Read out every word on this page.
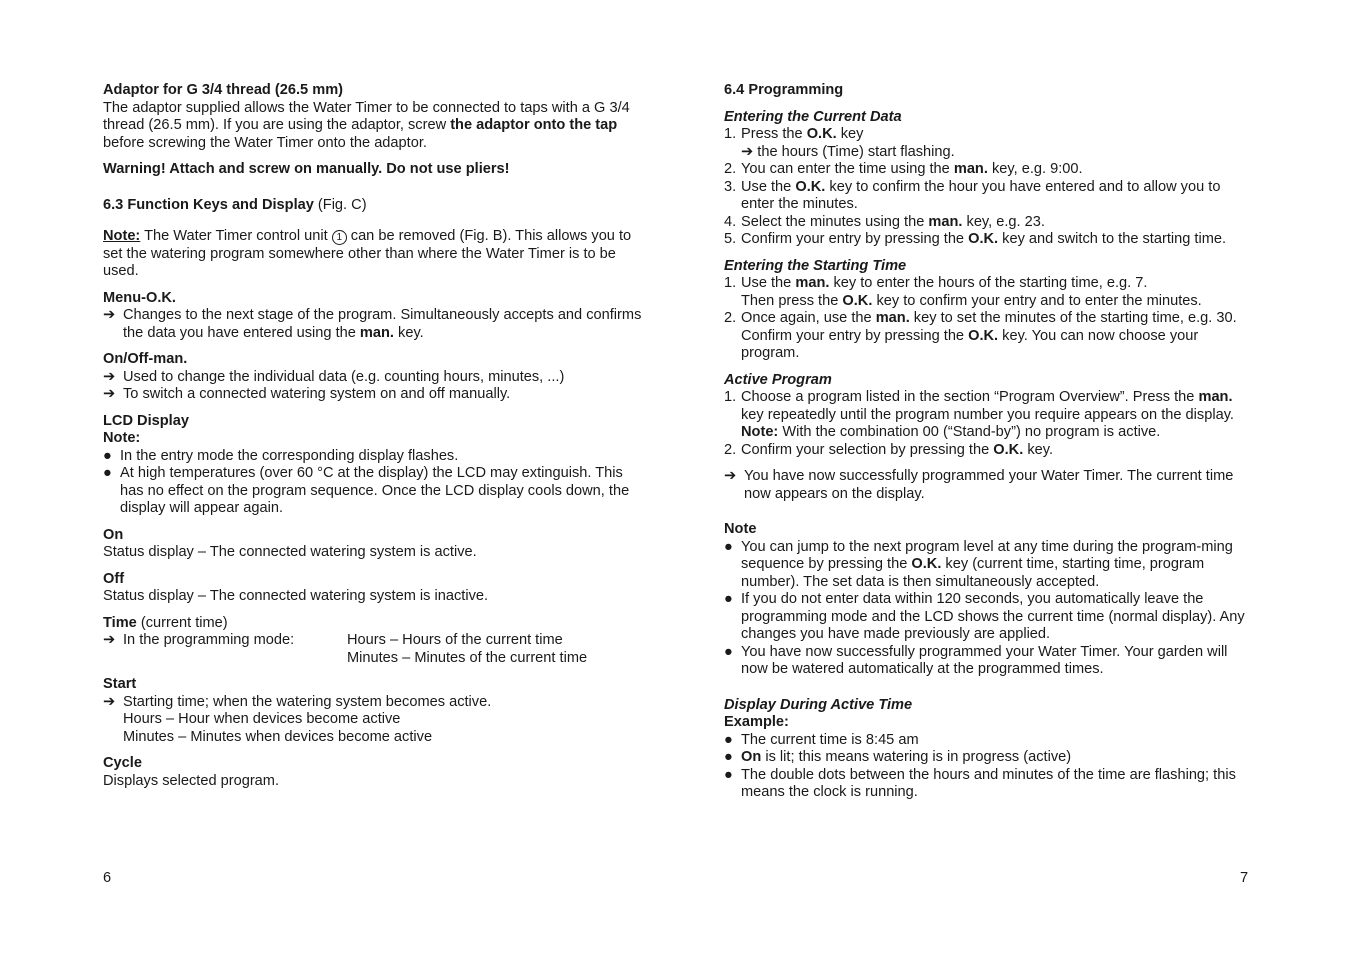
Adaptor for G 3/4 thread (26.5 mm)

The adaptor supplied allows the Water Timer to be connected to taps with a G 3/4 thread (26.5 mm). If you are using the adaptor, screw the adaptor onto the tap before screwing the Water Timer onto the adaptor.

Warning! Attach and screw on manually. Do not use pliers!

6.3 Function Keys and Display (Fig. C)

Note: The Water Timer control unit 1 can be removed (Fig. B). This allows you to set the watering program somewhere other than where the Water Timer is to be used.

Menu-O.K.

➔ Changes to the next stage of the program. Simultaneously accepts and confirms the data you have entered using the man. key.

On/Off-man.

➔ Used to change the individual data (e.g. counting hours, minutes, ...)

➔ To switch a connected watering system on and off manually.

LCD Display

Note:

● In the entry mode the corresponding display flashes.

● At high temperatures (over 60 °C at the display) the LCD may extinguish. This has no effect on the program sequence. Once the LCD display cools down, the display will appear again.

On

Status display – The connected watering system is active.

Off

Status display – The connected watering system is inactive.

Time (current time)

➔ In the programming mode:	Hours – Hours of the current time

Minutes – Minutes of the current time

Start

➔ Starting time; when the watering system becomes active.

Hours – Hour when devices become active

Minutes – Minutes when devices become active

Cycle

Displays selected program.

6

6.4 Programming

Entering the Current Data

1. Press the O.K. key

➔ the hours (Time) start flashing.

2. You can enter the time using the man. key, e.g. 9:00.

3. Use the O.K. key to confirm the hour you have entered and to allow you to enter the minutes.

4. Select the minutes using the man. key, e.g. 23.

5. Confirm your entry by pressing the O.K. key and switch to the starting time.

Entering the Starting Time

1. Use the man. key to enter the hours of the starting time, e.g. 7.

Then press the O.K. key to confirm your entry and to enter the minutes.

2. Once again, use the man. key to set the minutes of the starting time, e.g. 30.

Confirm your entry by pressing the O.K. key. You can now choose your program.

Active Program

1. Choose a program listed in the section “Program Overview”. Press the man. key repeatedly until the program number you require appears on the display.

Note: With the combination 00 (“Stand-by”) no program is active.

2. Confirm your selection by pressing the O.K. key.

➔ You have now successfully programmed your Water Timer. The current time now appears on the display.

Note

● You can jump to the next program level at any time during the program-ming sequence by pressing the O.K. key (current time, starting time, program number). The set data is then simultaneously accepted.

● If you do not enter data within 120 seconds, you automatically leave the programming mode and the LCD shows the current time (normal display). Any changes you have made previously are applied.

● You have now successfully programmed your Water Timer. Your garden will now be watered automatically at the programmed times.

Display During Active Time

Example:

● The current time is 8:45 am

● On is lit; this means watering is in progress (active)

● The double dots between the hours and minutes of the time are flashing; this means the clock is running.

7
